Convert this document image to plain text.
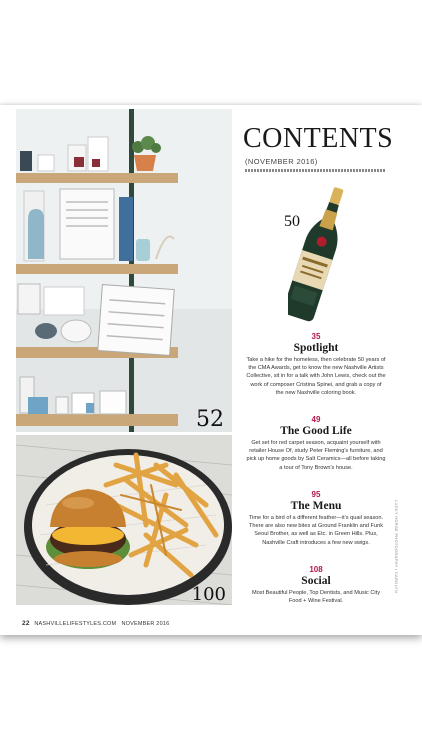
52
100
CONTENTS
(NOVEMBER 2016)
50
35
Spotlight
Take a hike for the homeless, then celebrate 50 years of the CMA Awards, get to know the new Nashville Artists Collective, sit in for a talk with John Lewis, check out the work of composer Cristina Spinei, and grab a copy of the new Nashville coloring book.
49
The Good Life
Get set for red carpet season, acquaint yourself with retailer House Of, study Peter Fleming's furniture, and pick up home goods by Salt Ceramics—all before taking a tour of Tony Brown's house.
95
The Menu
Time for a bird of a different feather—it's quail season. There are also new bites at Ground Franklin and Funk Seoul Brother, as well as Etc. in Green Hills. Plus, Nashville Craft introduces a few new swigs.
108
Social
Most Beautiful People, Top Dentists, and Music City Food + Wine Festival.
LUCKY HORSE PHOTOGRAPHY / CAROLYN
22 NASHVILLELIFESTYLES.COM NOVEMBER 2016
